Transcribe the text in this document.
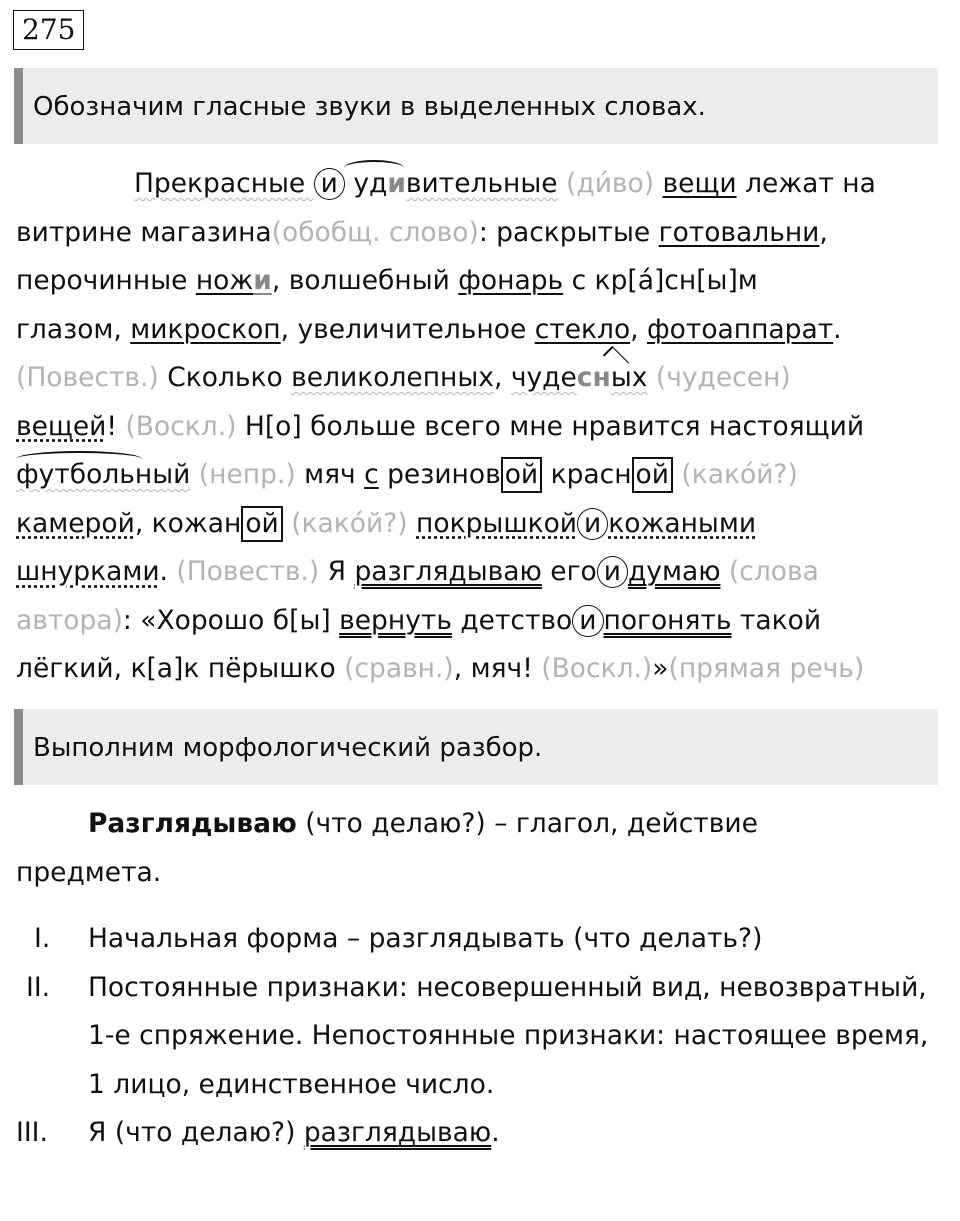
275
Обозначим гласные звуки в выделенных словах.
Прекрасные и удивительные (ди́во) вещи лежат на
витрине магазина(обобщ. слово): раскрытые готовальни,
перочинные ножи, волшебный фонарь с кр[а́]сн[ы]м
глазом, микроскоп, увеличительное стекло, фотоаппарат.
(Повеств.) Сколько великолепных, чудесных (чудесен)
вещей! (Воскл.) Н[о] больше всего мне нравится настоящий
футбольный (непр.) мяч с резинов ой красн ой (како́й?)
камерой, кожан ой (како́й?) покрышкой и кожаными
шнурками. (Повеств.) Я разглядываю его и думаю (слова
автора): «Хорошо б[ы] вернуть детство и погонять такой
лёгкий, к[а]к пёрышко (сравн.), мяч! (Воскл.)»(прямая речь)
Выполним морфологический разбор.
Разглядываю (что делаю?) – глагол, действие
предмета.
I.	Начальная форма – разглядывать (что делать?)
II.	Постоянные признаки: несовершенный вид, невозвратный, 1-е спряжение. Непостоянные признаки: настоящее время, 1 лицо, единственное число.
III.	Я (что делаю?) разглядываю.
